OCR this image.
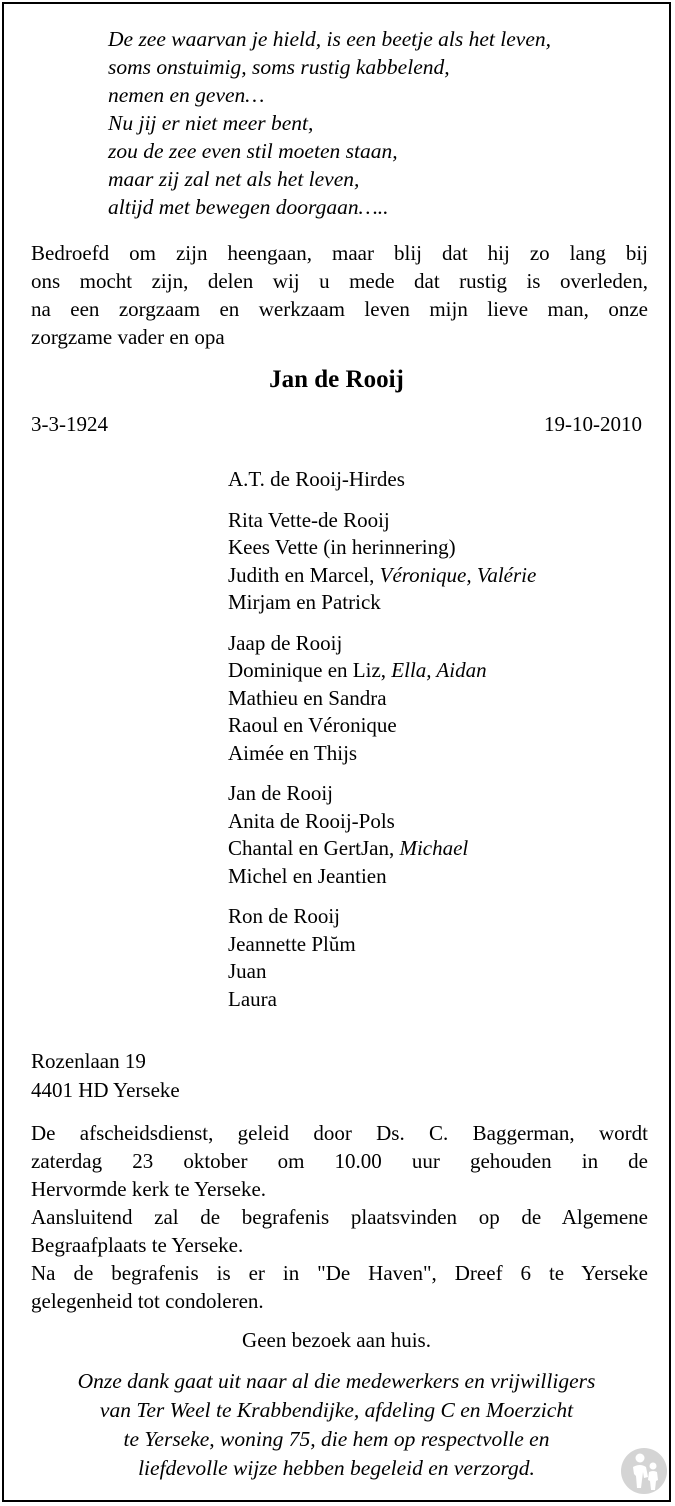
De zee waarvan je hield, is een beetje als het leven,
soms onstuimig, soms rustig kabbelend,
nemen en geven…
Nu jij er niet meer bent,
zou de zee even stil moeten staan,
maar zij zal net als het leven,
altijd met bewegen doorgaan…..
Bedroefd om zijn heengaan, maar blij dat hij zo lang bij
ons mocht zijn, delen wij u mede dat rustig is overleden,
na een zorgzaam en werkzaam leven mijn lieve man, onze
zorgzame vader en opa
Jan de Rooij
3-3-1924	19-10-2010
A.T. de Rooij-Hirdes
Rita Vette-de Rooij
Kees Vette (in herinnering)
Judith en Marcel, Véronique, Valérie
Mirjam en Patrick
Jaap de Rooij
Dominique en Liz, Ella, Aidan
Mathieu en Sandra
Raoul en Véronique
Aimée en Thijs
Jan de Rooij
Anita de Rooij-Pols
Chantal en GertJan, Michael
Michel en Jeantien
Ron de Rooij
Jeannette Plŭm
Juan
Laura
Rozenlaan 19
4401 HD Yerseke
De afscheidsdienst, geleid door Ds. C. Baggerman, wordt
zaterdag 23 oktober om 10.00 uur gehouden in de
Hervormde kerk te Yerseke.
Aansluitend zal de begrafenis plaatsvinden op de Algemene
Begraafplaats te Yerseke.
Na de begrafenis is er in "De Haven", Dreef 6 te Yerseke
gelegenheid tot condoleren.
Geen bezoek aan huis.
Onze dank gaat uit naar al die medewerkers en vrijwilligers
van Ter Weel te Krabbendijke, afdeling C en Moerzicht
te Yerseke, woning 75, die hem op respectvolle en
liefdevolle wijze hebben begeleid en verzorgd.
